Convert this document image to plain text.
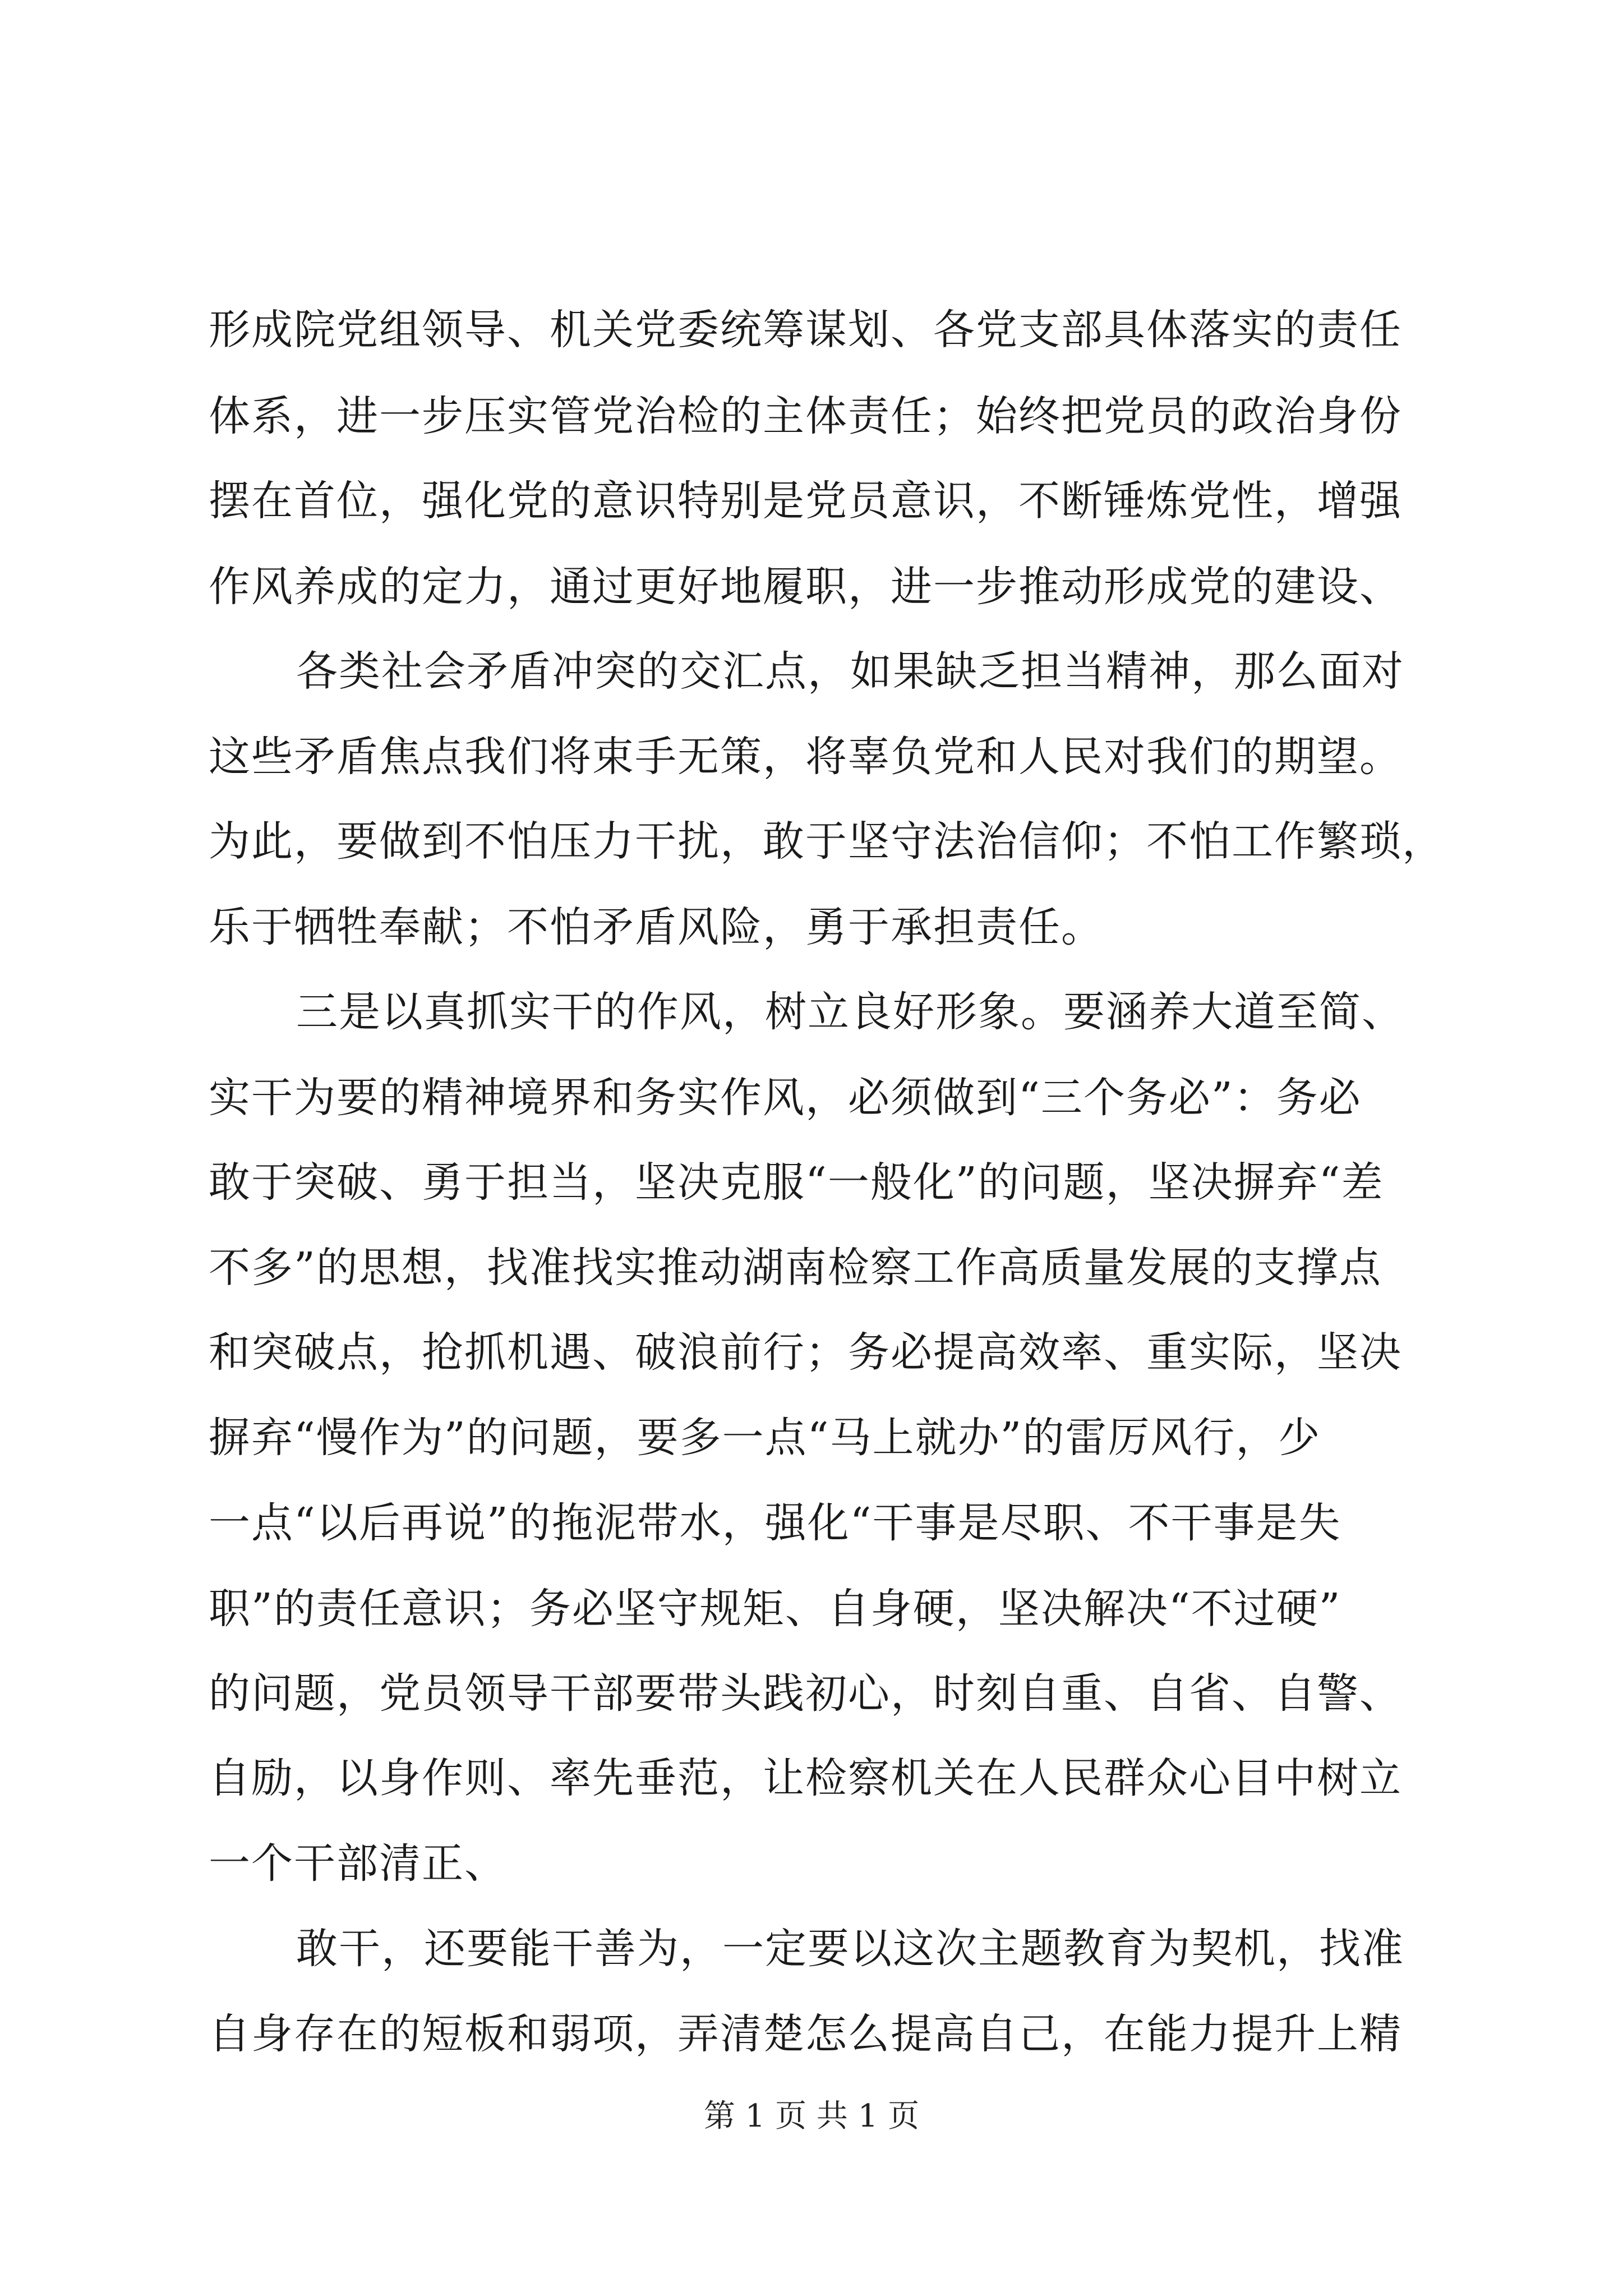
形成院党组领导、机关党委统筹谋划、各党支部具体落实的责任
体系，进一步压实管党治检的主体责任；始终把党员的政治身份
摆在首位，强化党的意识特别是党员意识，不断锤炼党性，增强
作风养成的定力，通过更好地履职，进一步推动形成党的建设、
各类社会矛盾冲突的交汇点，如果缺乏担当精神，那么面对
这些矛盾焦点我们将束手无策，将辜负党和人民对我们的期望。
为此，要做到不怕压力干扰，敢于坚守法治信仰；不怕工作繁琐，
乐于牺牲奉献；不怕矛盾风险，勇于承担责任。
三是以真抓实干的作风，树立良好形象。要涵养大道至简、
实干为要的精神境界和务实作风，必须做到“三个务必”：务必
敢于突破、勇于担当，坚决克服“一般化”的问题，坚决摒弃“差
不多”的思想，找准找实推动湖南检察工作高质量发展的支撑点
和突破点，抢抓机遇、破浪前行；务必提高效率、重实际，坚决
摒弃“慢作为”的问题，要多一点“马上就办”的雷厉风行，少
一点“以后再说”的拖泥带水，强化“干事是尽职、不干事是失
职”的责任意识；务必坚守规矩、自身硬，坚决解决“不过硬”
的问题，党员领导干部要带头践初心，时刻自重、自省、自警、
自励，以身作则、率先垂范，让检察机关在人民群众心目中树立
一个干部清正、
敢干，还要能干善为，一定要以这次主题教育为契机，找准
自身存在的短板和弱项，弄清楚怎么提高自己，在能力提升上精
第 1 页 共 1 页
